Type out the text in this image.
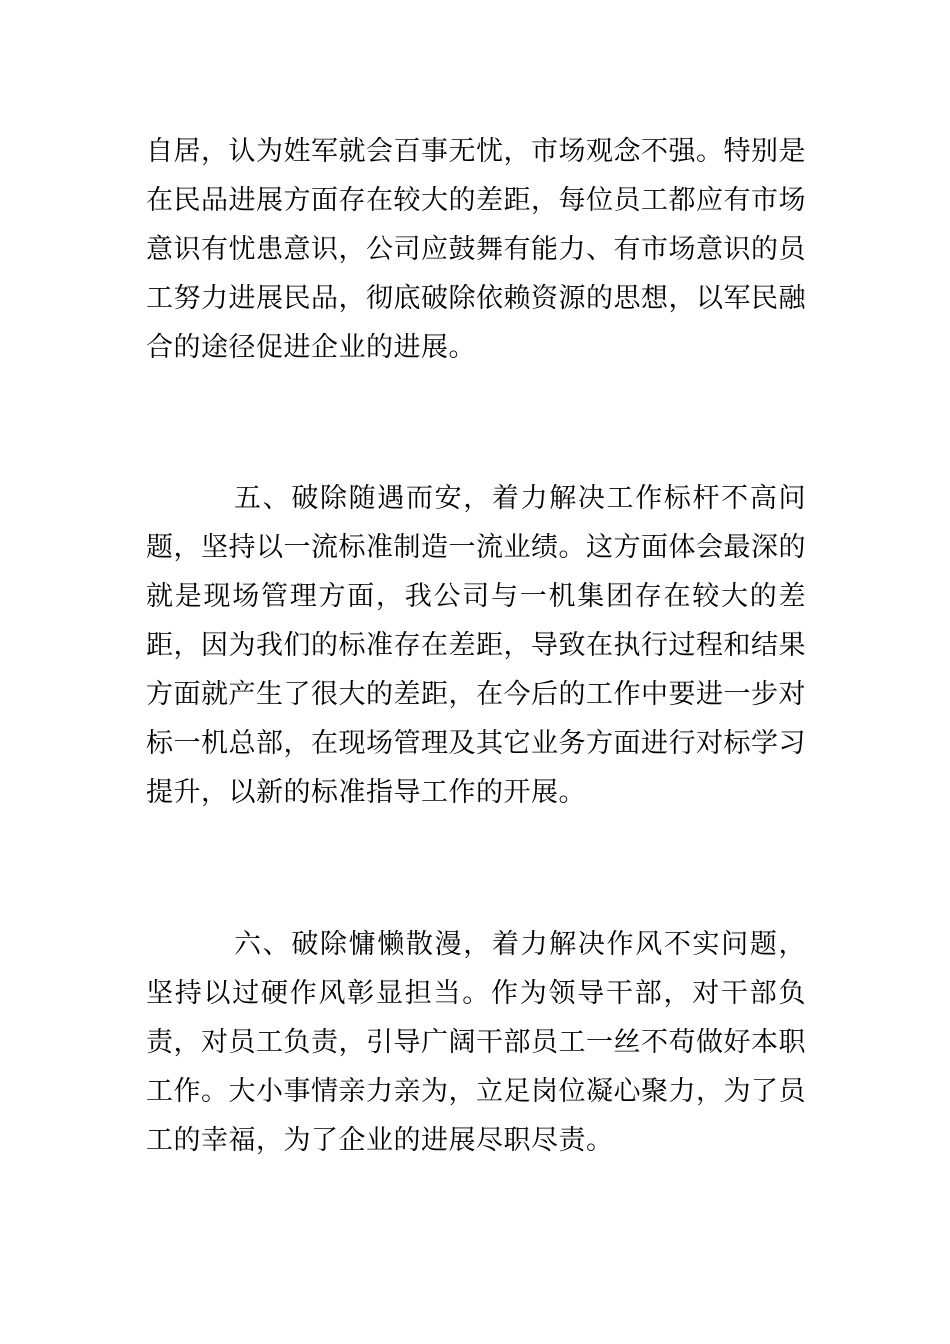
自居，认为姓军就会百事无忧，市场观念不强。特别是在民品进展方面存在较大的差距，每位员工都应有市场意识有忧患意识，公司应鼓舞有能力、有市场意识的员工努力进展民品，彻底破除依赖资源的思想，以军民融合的途径促进企业的进展。

五、破除随遇而安，着力解决工作标杆不高问题，坚持以一流标准制造一流业绩。这方面体会最深的就是现场管理方面，我公司与一机集团存在较大的差距，因为我们的标准存在差距，导致在执行过程和结果方面就产生了很大的差距，在今后的工作中要进一步对标一机总部，在现场管理及其它业务方面进行对标学习提升，以新的标准指导工作的开展。

六、破除慵懒散漫，着力解决作风不实问题，坚持以过硬作风彰显担当。作为领导干部，对干部负责，对员工负责，引导广阔干部员工一丝不苟做好本职工作。大小事情亲力亲为，立足岗位凝心聚力，为了员工的幸福，为了企业的进展尽职尽责。
